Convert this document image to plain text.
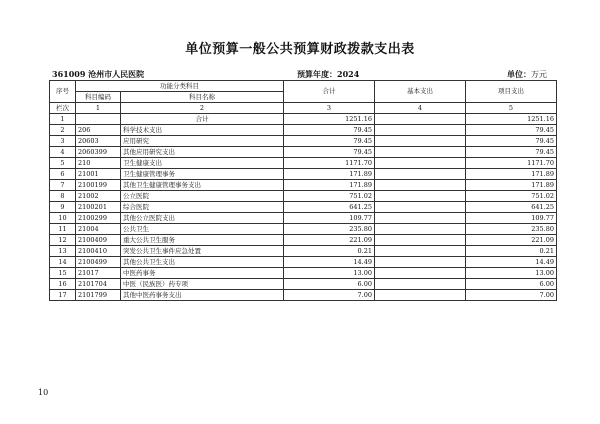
单位预算一般公共预算财政拨款支出表
361009 沧州市人民医院	预算年度：2024	单位：万元
序号	功能分类科目		合计	基本支出	项目支出
	科目编码	科目名称			
栏次	1	2	3	4	5
1		合计	1251.16		1251.16
2	206	科学技术支出	79.45		79.45
3	20603	应用研究	79.45		79.45
4	2060399	其他应用研究支出	79.45		79.45
5	210	卫生健康支出	1171.70		1171.70
6	21001	卫生健康管理事务	171.89		171.89
7	2100199	其他卫生健康管理事务支出	171.89		171.89
8	21002	公立医院	751.02		751.02
9	2100201	综合医院	641.25		641.25
10	2100299	其他公立医院支出	109.77		109.77
11	21004	公共卫生	235.80		235.80
12	2100409	重大公共卫生服务	221.09		221.09
13	2100410	突发公共卫生事件应急处置	0.21		0.21
14	2100499	其他公共卫生支出	14.49		14.49
15	21017	中医药事务	13.00		13.00
16	2101704	中医（民族医）药专项	6.00		6.00
17	2101799	其他中医药事务支出	7.00		7.00
10
